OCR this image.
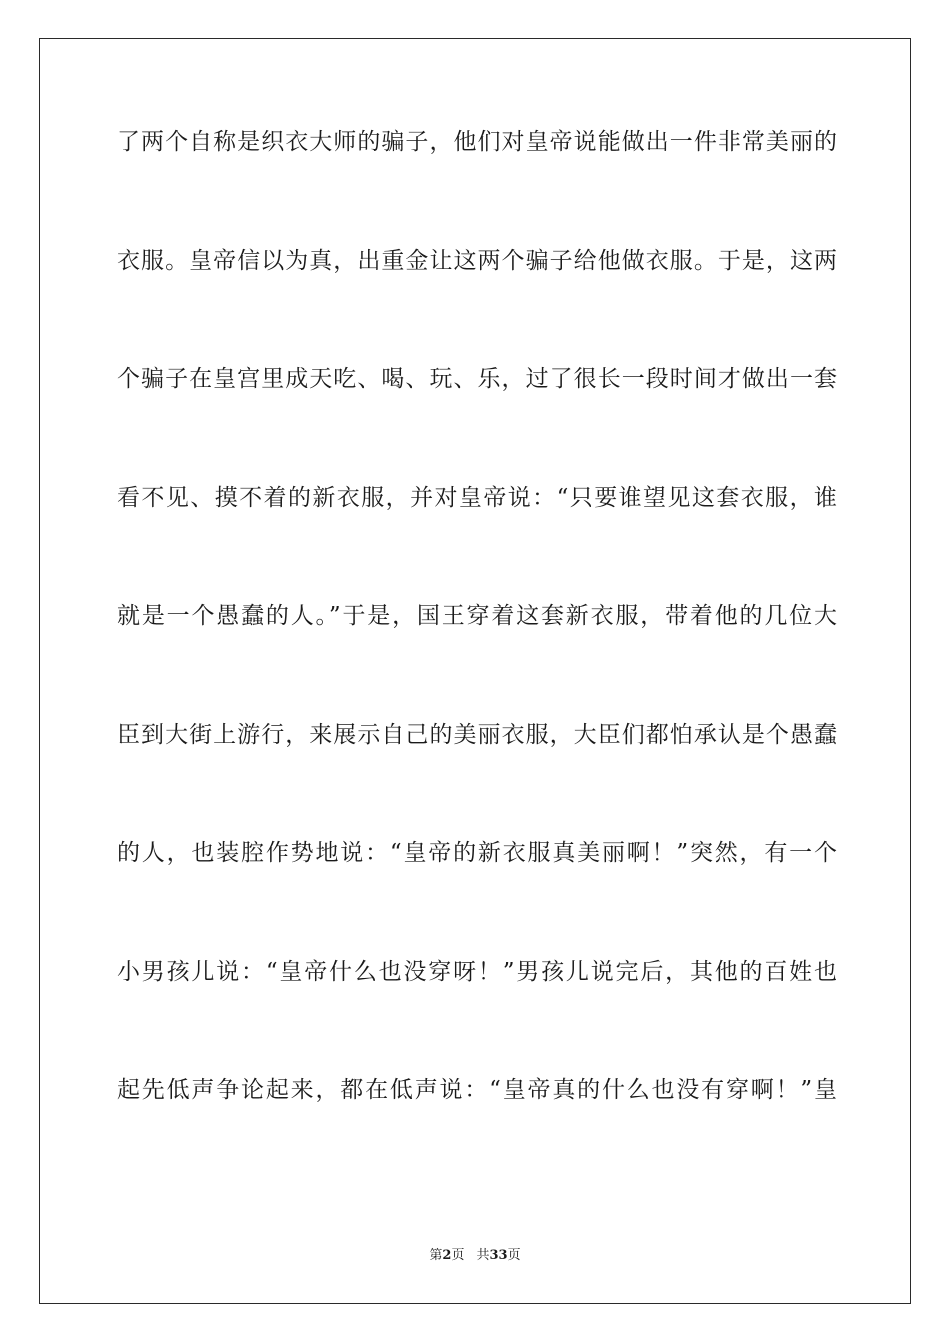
了两个自称是织衣大师的骗子，他们对皇帝说能做出一件非常美丽的
衣服。皇帝信以为真，出重金让这两个骗子给他做衣服。于是，这两
个骗子在皇宫里成天吃、喝、玩、乐，过了很长一段时间才做出一套
看不见、摸不着的新衣服，并对皇帝说：“只要谁望见这套衣服，谁
就是一个愚蠢的人。”于是，国王穿着这套新衣服，带着他的几位大
臣到大街上游行，来展示自己的美丽衣服，大臣们都怕承认是个愚蠢
的人，也装腔作势地说：“皇帝的新衣服真美丽啊！”突然，有一个
小男孩儿说：“皇帝什么也没穿呀！”男孩儿说完后，其他的百姓也
起先低声争论起来，都在低声说：“皇帝真的什么也没有穿啊！”皇
第2页 共33页
